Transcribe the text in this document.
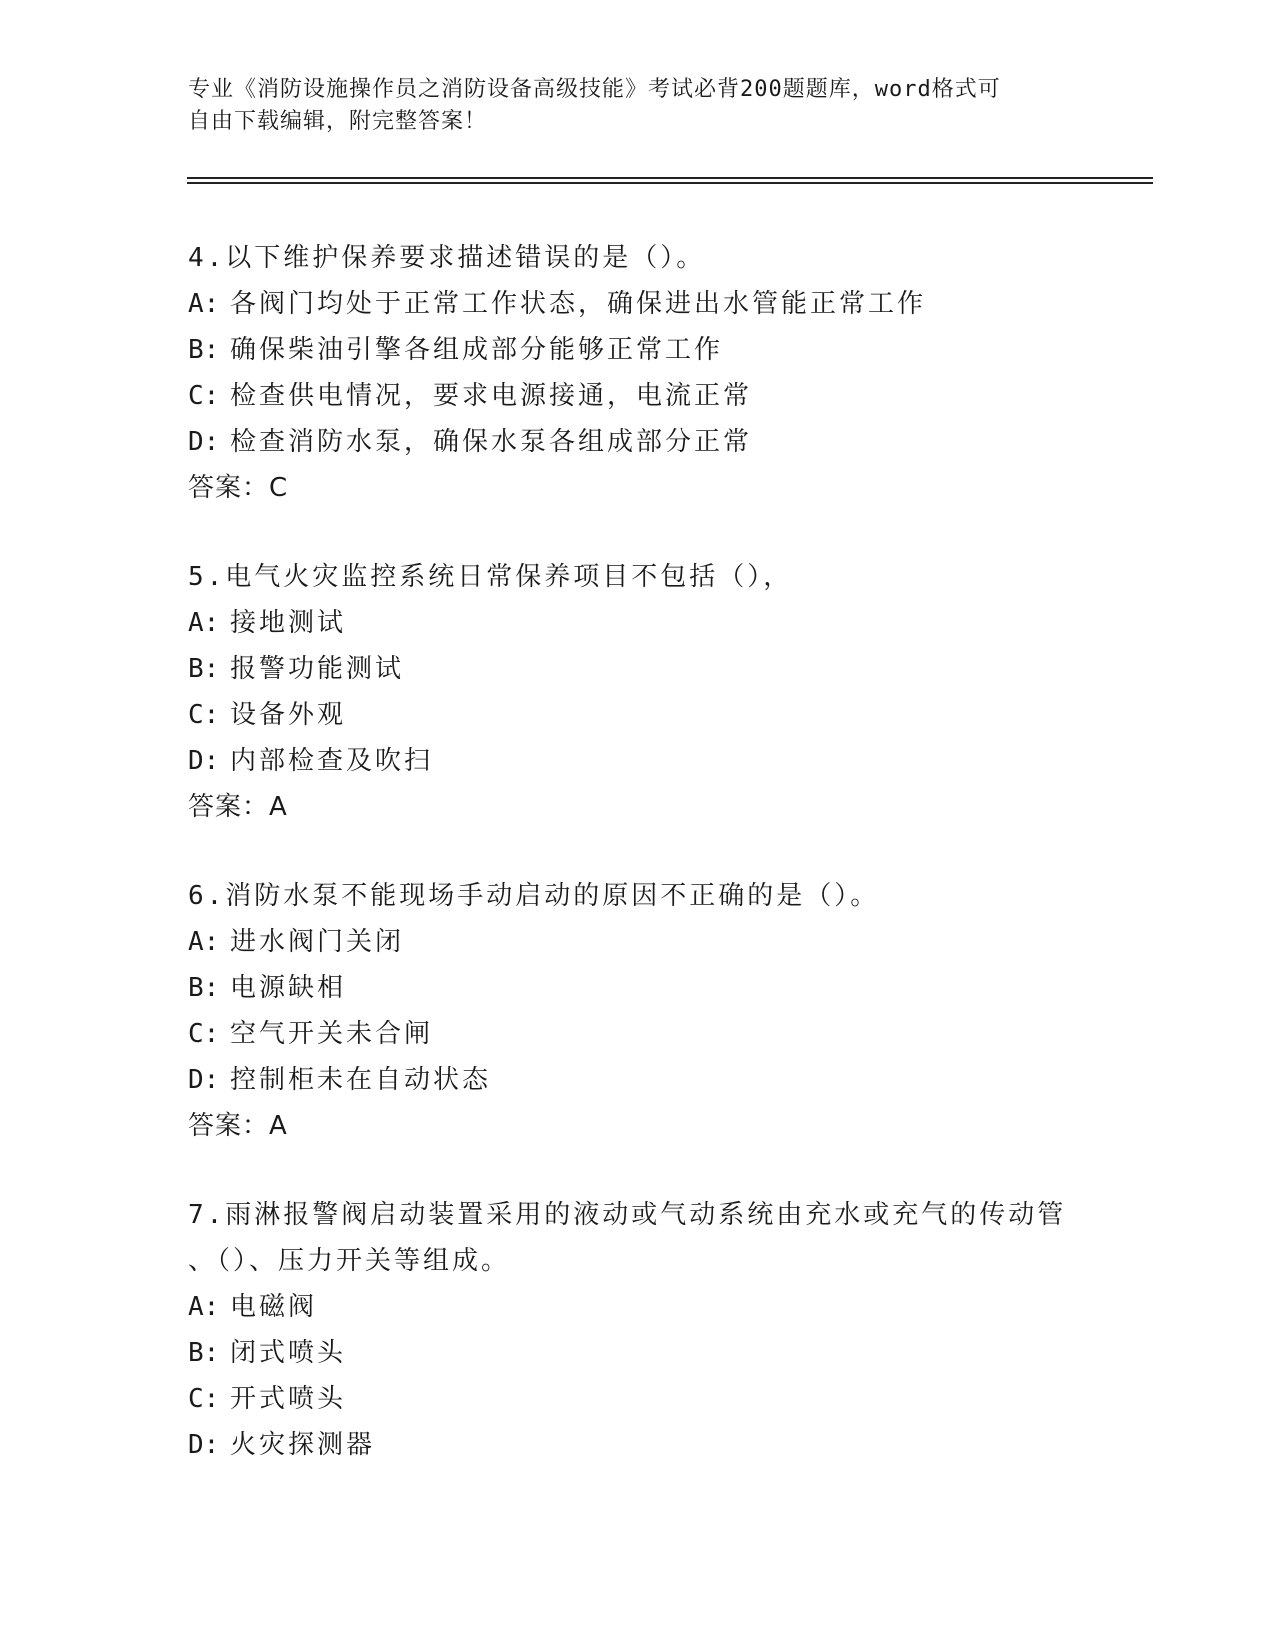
专业《消防设施操作员之消防设备高级技能》考试必背200题题库，word格式可
自由下载编辑，附完整答案！
4.以下维护保养要求描述错误的是（）。
A: 各阀门均处于正常工作状态，确保进出水管能正常工作
B: 确保柴油引擎各组成部分能够正常工作
C: 检查供电情况，要求电源接通，电流正常
D: 检查消防水泵，确保水泵各组成部分正常
答案：C
5.电气火灾监控系统日常保养项目不包括（），
A: 接地测试
B: 报警功能测试
C: 设备外观
D: 内部检查及吹扫
答案：A
6.消防水泵不能现场手动启动的原因不正确的是（）。
A: 进水阀门关闭
B: 电源缺相
C: 空气开关未合闸
D: 控制柜未在自动状态
答案：A
7.雨淋报警阀启动装置采用的液动或气动系统由充水或充气的传动管
、（）、压力开关等组成。
A: 电磁阀
B: 闭式喷头
C: 开式喷头
D: 火灾探测器
